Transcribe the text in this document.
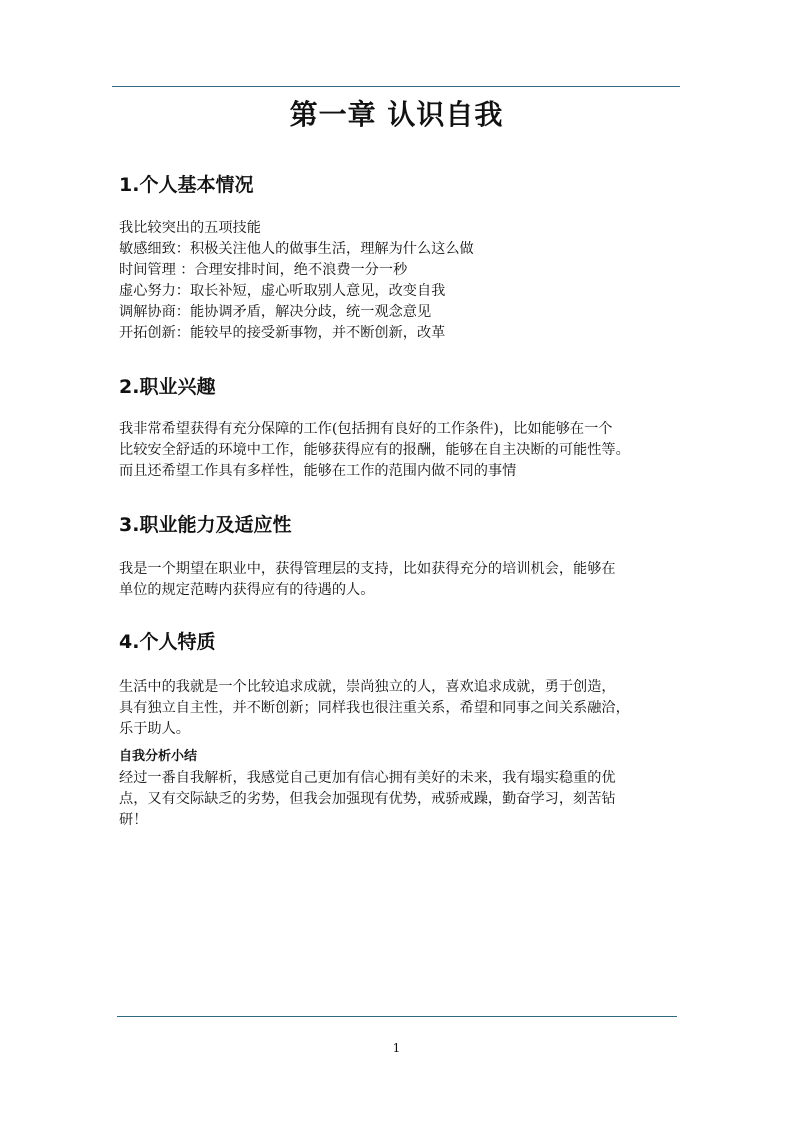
第一章 认识自我
1.个人基本情况
我比较突出的五项技能
敏感细致：积极关注他人的做事生活，理解为什么这么做
时间管理 ：合理安排时间，绝不浪费一分一秒
虚心努力：取长补短，虚心听取别人意见，改变自我
调解协商：能协调矛盾，解决分歧，统一观念意见
开拓创新：能较早的接受新事物，并不断创新，改革
2.职业兴趣
我非常希望获得有充分保障的工作(包括拥有良好的工作条件)，比如能够在一个
比较安全舒适的环境中工作，能够获得应有的报酬，能够在自主决断的可能性等。
而且还希望工作具有多样性，能够在工作的范围内做不同的事情
3.职业能力及适应性
我是一个期望在职业中，获得管理层的支持，比如获得充分的培训机会，能够在
单位的规定范畴内获得应有的待遇的人。
4.个人特质
生活中的我就是一个比较追求成就，崇尚独立的人，喜欢追求成就，勇于创造，
具有独立自主性，并不断创新；同样我也很注重关系，希望和同事之间关系融洽，
乐于助人。
自我分析小结
经过一番自我解析，我感觉自己更加有信心拥有美好的未来，我有塌实稳重的优
点，又有交际缺乏的劣势，但我会加强现有优势，戒骄戒躁，勤奋学习，刻苦钻
研！
1
